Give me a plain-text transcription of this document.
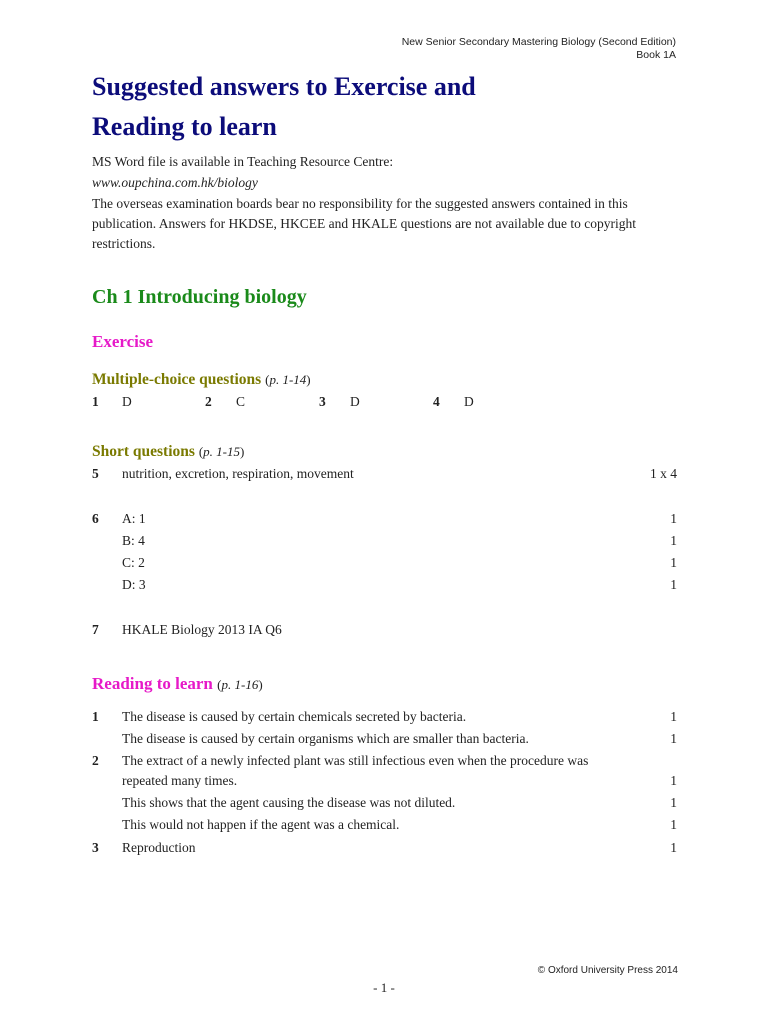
New Senior Secondary Mastering Biology (Second Edition)
Book 1A
Suggested answers to Exercise and
Reading to learn
MS Word file is available in Teaching Resource Centre:
www.oupchina.com.hk/biology
The overseas examination boards bear no responsibility for the suggested answers contained in this publication. Answers for HKDSE, HKCEE and HKALE questions are not available due to copyright restrictions.
Ch 1 Introducing biology
Exercise
Multiple-choice questions (p. 1-14)
1 D	2 C	3 D	4 D
Short questions (p. 1-15)
5 nutrition, excretion, respiration, movement	1 x 4
6 A: 1	1
B: 4	1
C: 2	1
D: 3	1
7 HKALE Biology 2013 IA Q6
Reading to learn (p. 1-16)
1 The disease is caused by certain chemicals secreted by bacteria.	1
The disease is caused by certain organisms which are smaller than bacteria.	1
2 The extract of a newly infected plant was still infectious even when the procedure was
repeated many times.	1
This shows that the agent causing the disease was not diluted.	1
This would not happen if the agent was a chemical.	1
3 Reproduction	1
© Oxford University Press 2014
- 1 -
